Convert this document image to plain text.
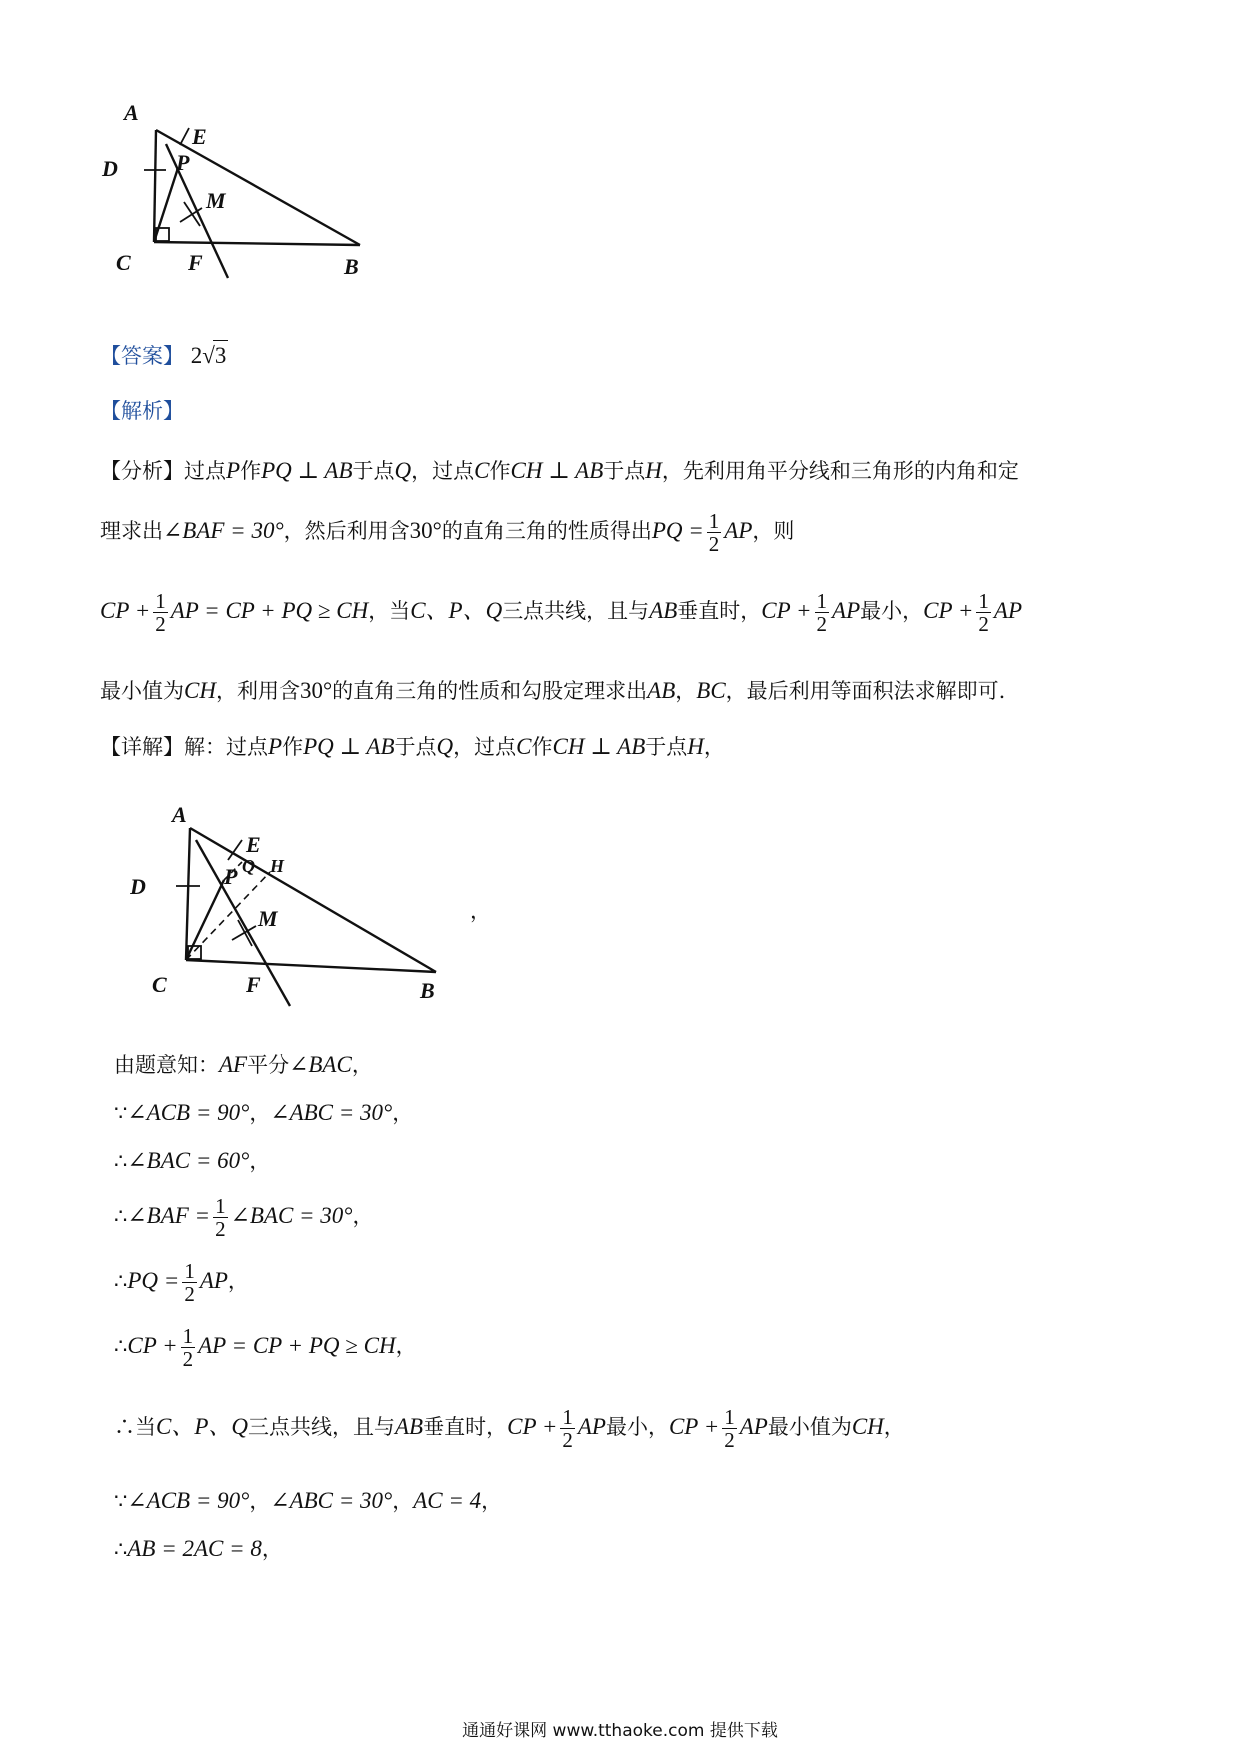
A
E
D	P
M
C	F	B
【答案】 2√3
【解析】
【分析】过点P作PQ ⊥ AB于点Q，过点C作CH ⊥ AB于点H，先利用角平分线和三角形的内角和定
理求出∠BAF = 30°，然后利用含30°的直角三角的性质得出PQ = $\frac{1}{2}$ AP，则
CP + $\frac{1}{2}$ AP = CP + PQ ≥ CH，当C、P、Q三点共线，且与AB垂直时，CP + $\frac{1}{2}$ AP最小，CP + $\frac{1}{2}$ AP
最小值为CH，利用含30°的直角三角的性质和勾股定理求出AB，BC，最后利用等面积法求解即可.
【详解】解：过点P作PQ ⊥ AB于点Q，过点C作CH ⊥ AB于点H，
A
E
H
D	P Q
M
C	F	B
，
由题意知：AF平分∠BAC，
∵∠ACB = 90°，∠ABC = 30°，
∴∠BAC = 60°，
∴∠BAF = $\frac{1}{2}$ ∠BAC = 30°，
∴PQ = $\frac{1}{2}$ AP，
∴CP + $\frac{1}{2}$ AP = CP + PQ ≥ CH，
∴当C、P、Q三点共线，且与AB垂直时，CP + $\frac{1}{2}$ AP最小，CP + $\frac{1}{2}$ AP最小值为CH，
∵∠ACB = 90°，∠ABC = 30°，AC = 4，
∴AB = 2AC = 8，
通通好课网 www.tthaoke.com 提供下载
